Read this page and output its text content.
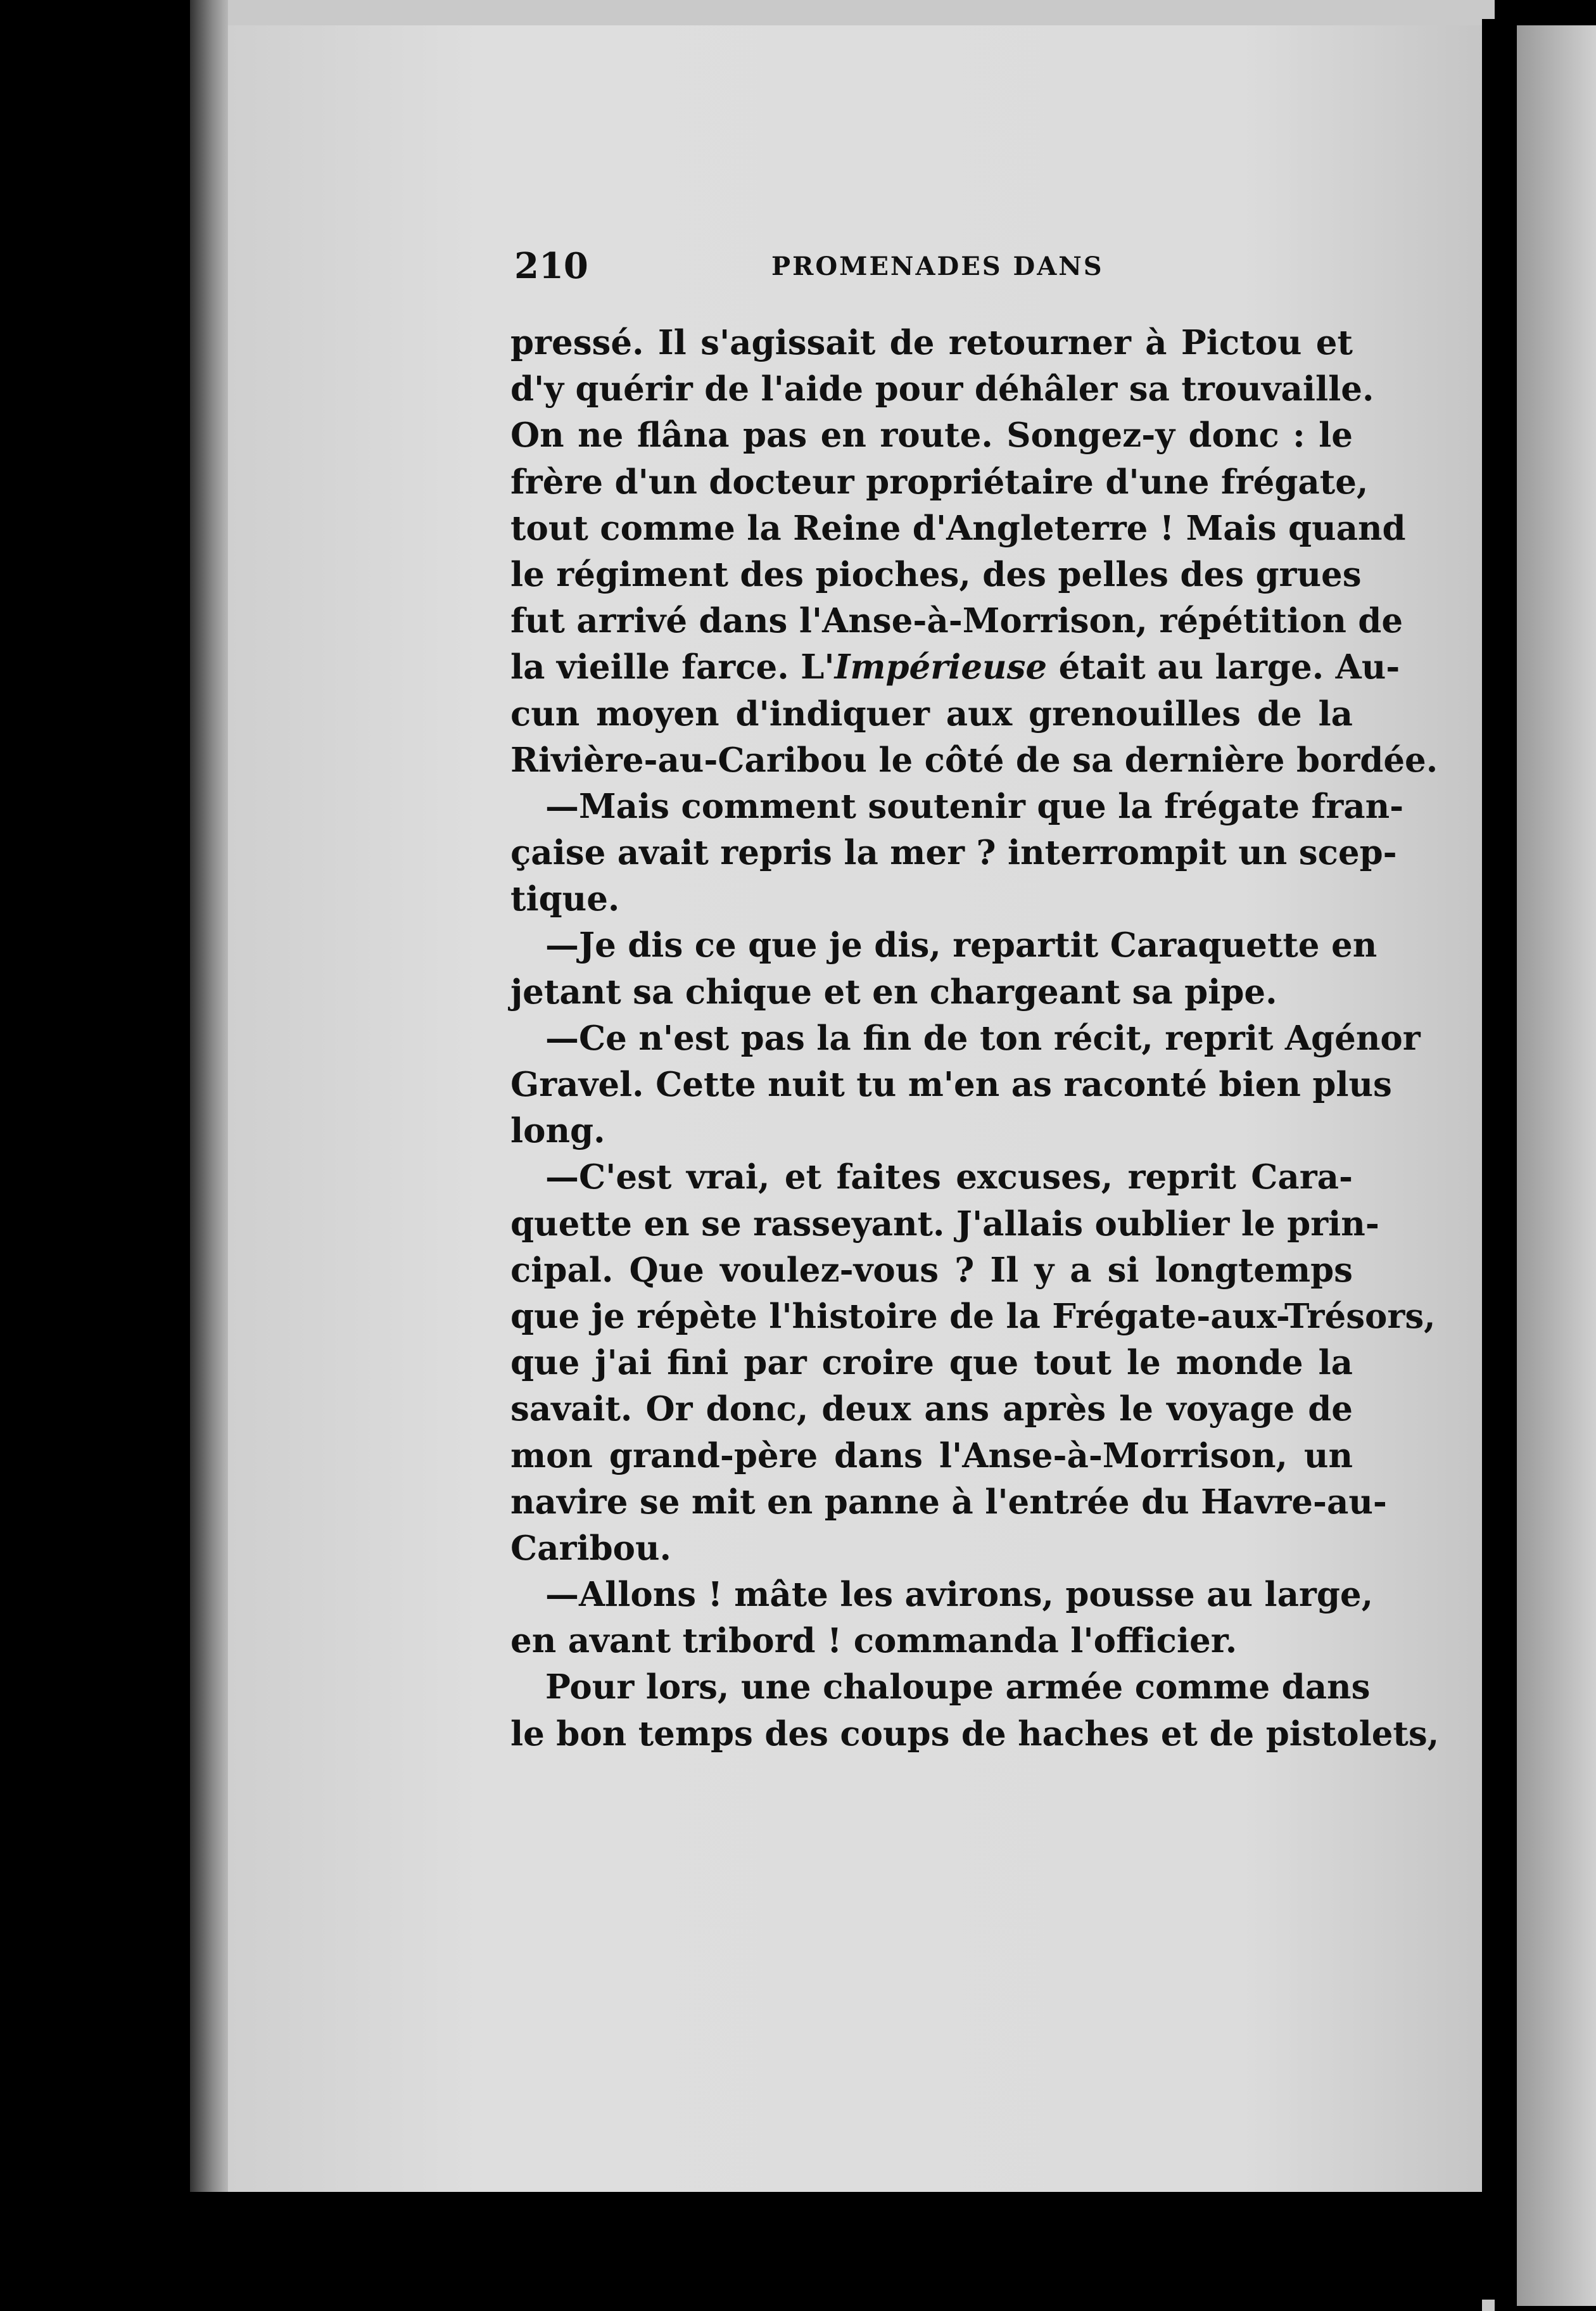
210	PROMENADES DANS
pressé. Il s'agissait de retourner à Pictou et
d'y quérir de l'aide pour déhâler sa trouvaille.
On ne flâna pas en route. Songez-y donc : le
frère d'un docteur propriétaire d'une frégate,
tout comme la Reine d'Angleterre ! Mais quand
le régiment des pioches, des pelles des grues
fut arrivé dans l'Anse-à-Morrison, répétition de
la vieille farce. L'Impérieuse était au large. Au-
cun moyen d'indiquer aux grenouilles de la
Rivière-au-Caribou le côté de sa dernière bordée.
—Mais comment soutenir que la frégate fran-
çaise avait repris la mer ? interrompit un scep-
tique.
—Je dis ce que je dis, repartit Caraquette en
jetant sa chique et en chargeant sa pipe.
—Ce n'est pas la fin de ton récit, reprit Agénor
Gravel. Cette nuit tu m'en as raconté bien plus
long.
—C'est vrai, et faites excuses, reprit Cara-
quette en se rasseyant. J'allais oublier le prin-
cipal. Que voulez-vous ? Il y a si longtemps
que je répète l'histoire de la Frégate-aux-Trésors,
que j'ai fini par croire que tout le monde la
savait. Or donc, deux ans après le voyage de
mon grand-père dans l'Anse-à-Morrison, un
navire se mit en panne à l'entrée du Havre-au-
Caribou.
—Allons ! mâte les avirons, pousse au large,
en avant tribord ! commanda l'officier.
Pour lors, une chaloupe armée comme dans
le bon temps des coups de haches et de pistolets,
